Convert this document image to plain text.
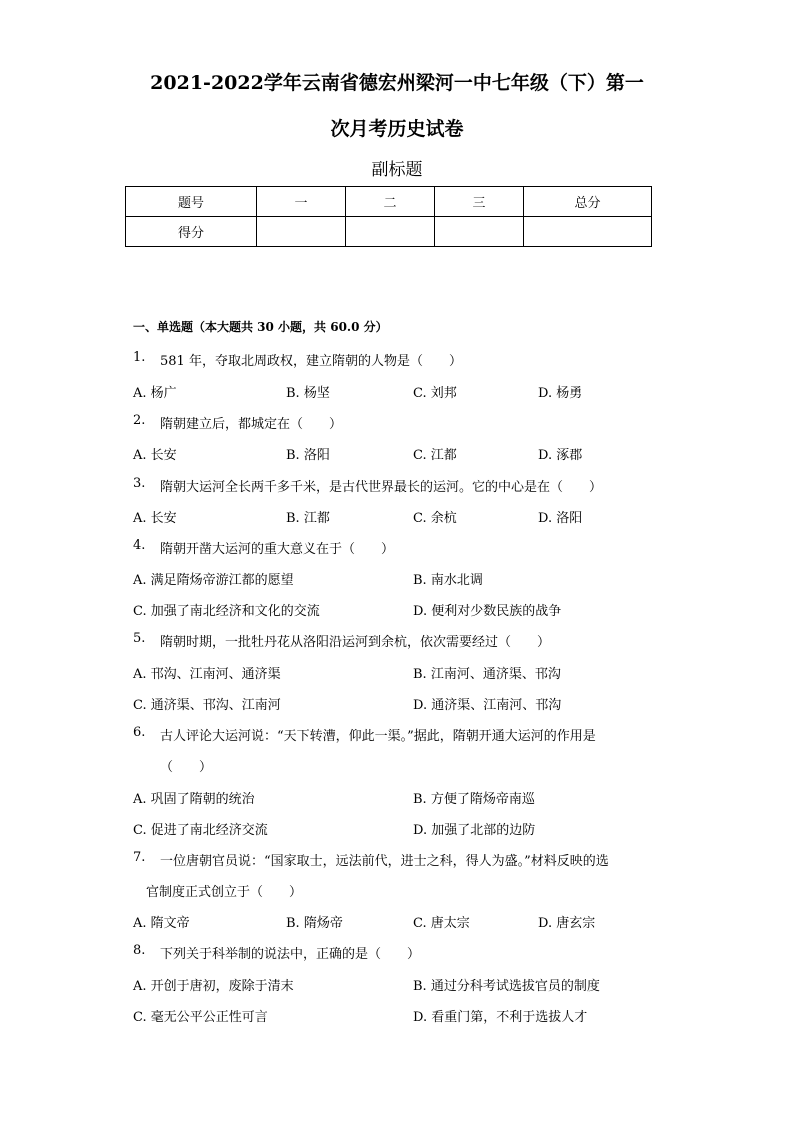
2021-2022学年云南省德宏州梁河一中七年级（下）第一
次月考历史试卷
副标题
题号	一	二	三	总分
得分				
一、单选题（本大题共 30 小题，共 60.0 分）
1. 581 年，夺取北周政权，建立隋朝的人物是（　　）
A. 杨广	B. 杨坚	C. 刘邦	D. 杨勇
2. 隋朝建立后，都城定在（　　）
A. 长安	B. 洛阳	C. 江都	D. 涿郡
3. 隋朝大运河全长两千多千米，是古代世界最长的运河。它的中心是在（　　）
A. 长安	B. 江都	C. 余杭	D. 洛阳
4. 隋朝开凿大运河的重大意义在于（　　）
A. 满足隋炀帝游江都的愿望	B. 南水北调
C. 加强了南北经济和文化的交流	D. 便利对少数民族的战争
5. 隋朝时期，一批牡丹花从洛阳沿运河到余杭，依次需要经过（　　）
A. 邗沟、江南河、通济渠	B. 江南河、通济渠、邗沟
C. 通济渠、邗沟、江南河	D. 通济渠、江南河、邗沟
6. 古人评论大运河说：“天下转漕，仰此一渠。”据此，隋朝开通大运河的作用是
（　　）
A. 巩固了隋朝的统治	B. 方便了隋炀帝南巡
C. 促进了南北经济交流	D. 加强了北部的边防
7. 一位唐朝官员说：“国家取士，远法前代，进士之科，得人为盛。”材料反映的选
官制度正式创立于（　　）
A. 隋文帝	B. 隋炀帝	C. 唐太宗	D. 唐玄宗
8. 下列关于科举制的说法中，正确的是（　　）
A. 开创于唐初，废除于清末	B. 通过分科考试选拔官员的制度
C. 毫无公平公正性可言	D. 看重门第，不利于选拔人才
